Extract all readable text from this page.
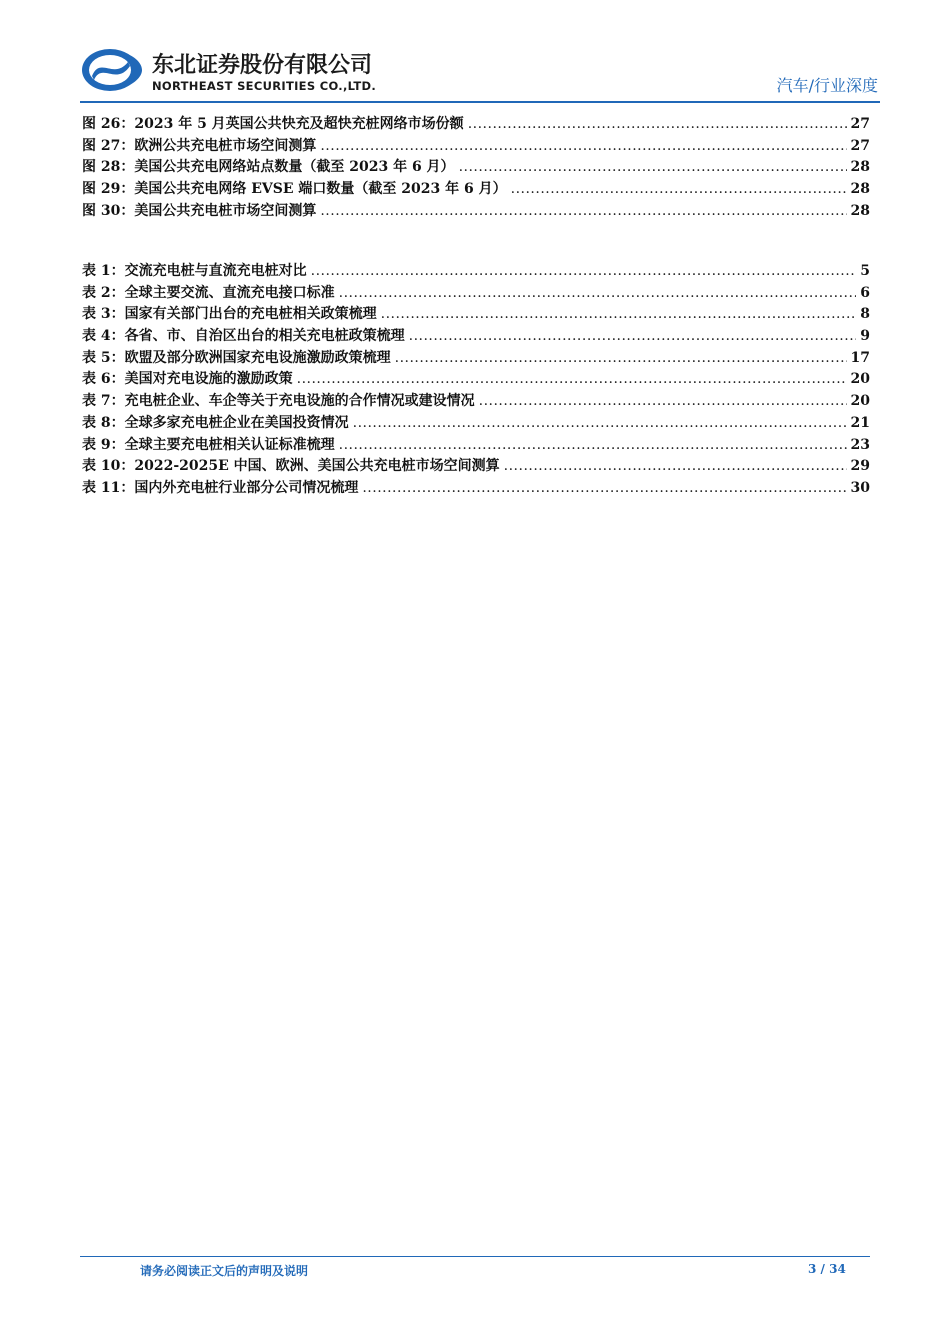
东北证券股份有限公司
NORTHEAST SECURITIES CO.,LTD.	汽车/行业深度
图 26：2023 年 5 月英国公共快充及超快充桩网络市场份额 .....	27
图 27：欧洲公共充电桩市场空间测算 .....	27
图 28：美国公共充电网络站点数量（截至 2023 年 6 月） .....	28
图 29：美国公共充电网络 EVSE 端口数量（截至 2023 年 6 月） .....	28
图 30：美国公共充电桩市场空间测算 .....	28
表 1：交流充电桩与直流充电桩对比 .....	5
表 2：全球主要交流、直流充电接口标准 .....	6
表 3：国家有关部门出台的充电桩相关政策梳理 .....	8
表 4：各省、市、自治区出台的相关充电桩政策梳理 .....	9
表 5：欧盟及部分欧洲国家充电设施激励政策梳理 .....	17
表 6：美国对充电设施的激励政策 .....	20
表 7：充电桩企业、车企等关于充电设施的合作情况或建设情况 .....	20
表 8：全球多家充电桩企业在美国投资情况 .....	21
表 9：全球主要充电桩相关认证标准梳理 .....	23
表 10：2022-2025E 中国、欧洲、美国公共充电桩市场空间测算 .....	29
表 11：国内外充电桩行业部分公司情况梳理 .....	30
请务必阅读正文后的声明及说明	3 / 34
